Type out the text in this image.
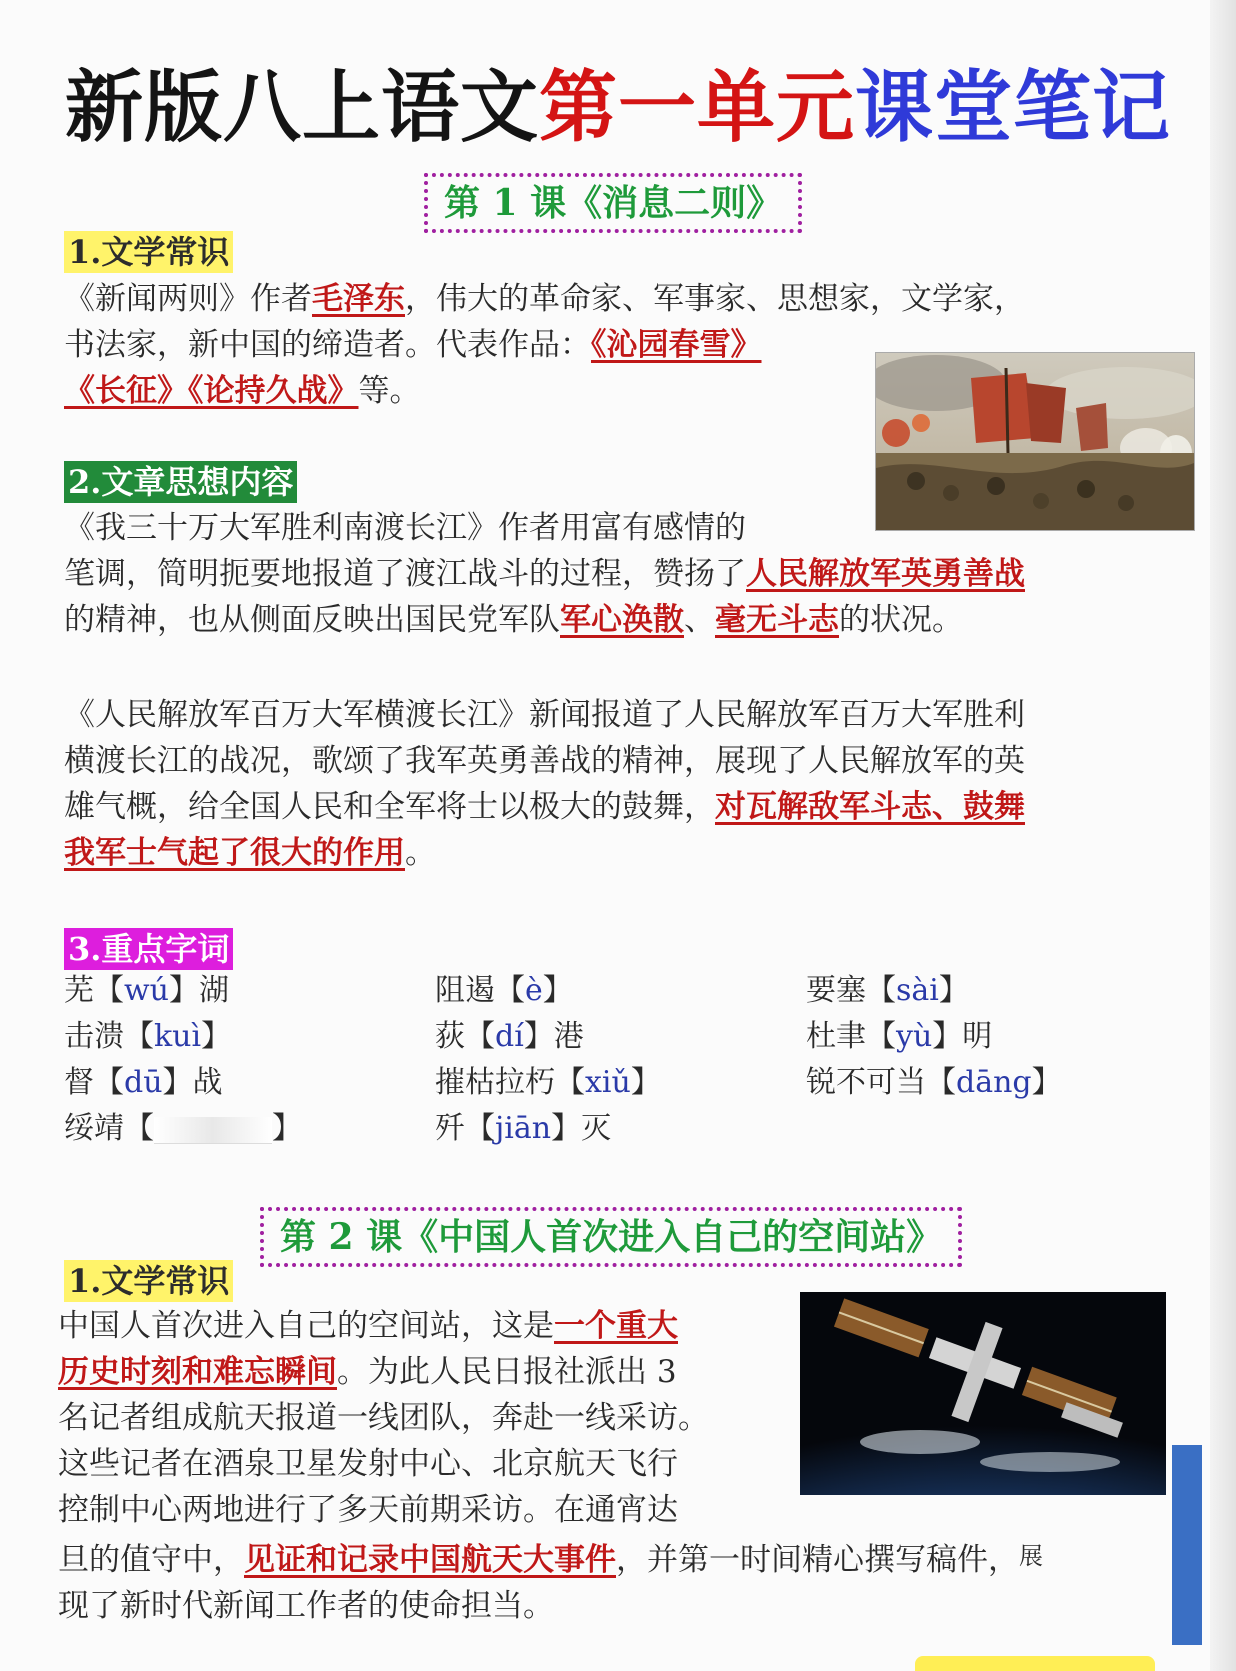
新版八上语文第一单元课堂笔记
第 1 课《消息二则》
1.文学常识
《新闻两则》作者毛泽东，伟大的革命家、军事家、思想家，文学家，
书法家，新中国的缔造者。代表作品：《沁园春雪》
《长征》《论持久战》等。
2.文章思想内容
《我三十万大军胜利南渡长江》作者用富有感情的
笔调，简明扼要地报道了渡江战斗的过程，赞扬了人民解放军英勇善战
的精神，也从侧面反映出国民党军队军心涣散、毫无斗志的状况。
《人民解放军百万大军横渡长江》新闻报道了人民解放军百万大军胜利
横渡长江的战况，歌颂了我军英勇善战的精神，展现了人民解放军的英
雄气概，给全国人民和全军将士以极大的鼓舞，对瓦解敌军斗志、鼓舞
我军士气起了很大的作用。
3.重点字词
芜【wú】湖	阻遏【è】	要塞【sài】
击溃【kuì】	荻【dí】港	杜聿【yù】明
督【dū】战	摧枯拉朽【xiǔ】	锐不可当【dāng】
绥靖【	】	歼【jiān】灭
第 2 课《中国人首次进入自己的空间站》
1.文学常识
中国人首次进入自己的空间站，这是一个重大
历史时刻和难忘瞬间。为此人民日报社派出 3
名记者组成航天报道一线团队，奔赴一线采访。
这些记者在酒泉卫星发射中心、北京航天飞行
控制中心两地进行了多天前期采访。在通宵达
旦的值守中，见证和记录中国航天大事件，并第一时间精心撰写稿件，展
现了新时代新闻工作者的使命担当。
